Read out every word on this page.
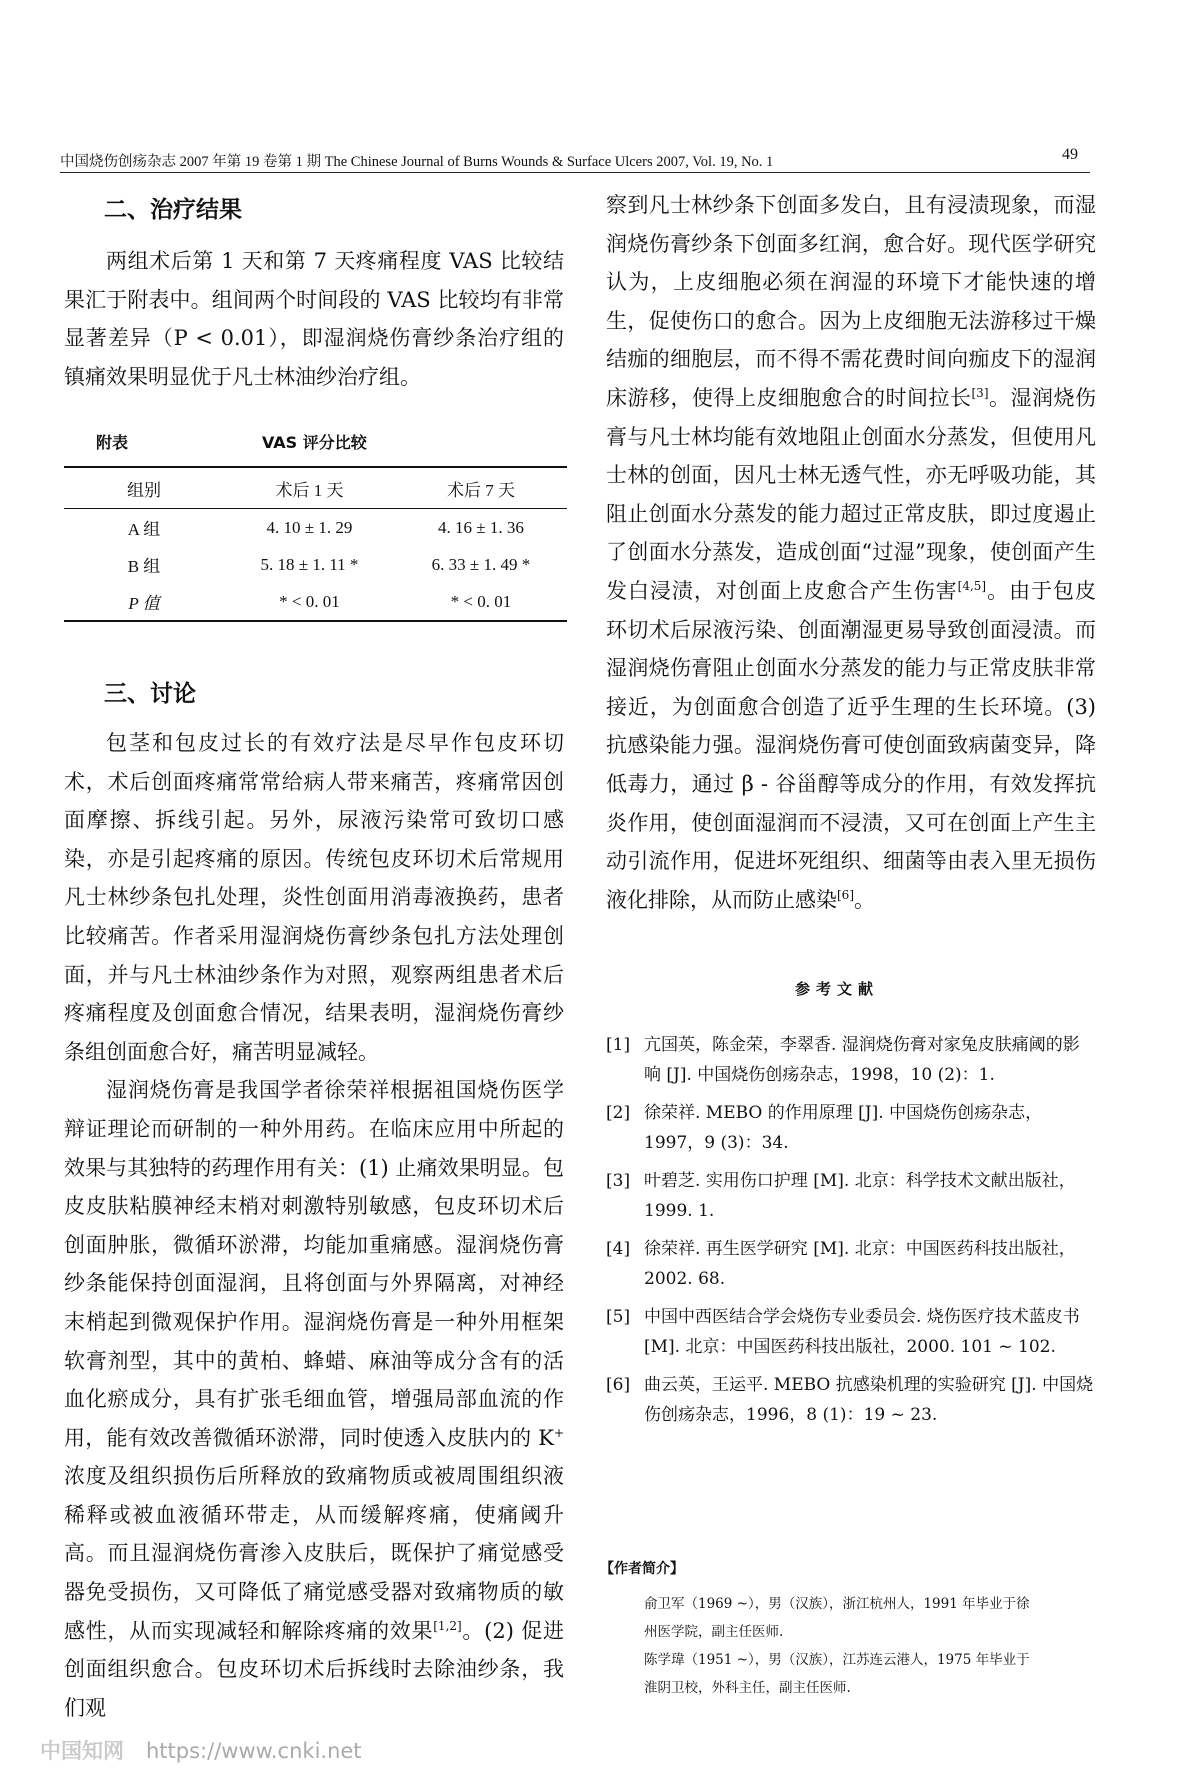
中国烧伤创疡杂志 2007 年第 19 卷第 1 期 The Chinese Journal of Burns Wounds & Surface Ulcers 2007, Vol. 19, No. 1	49
二、治疗结果

两组术后第 1 天和第 7 天疼痛程度 VAS 比较结果汇于附表中。组间两个时间段的 VAS 比较均有非常显著差异（P < 0.01），即湿润烧伤膏纱条治疗组的镇痛效果明显优于凡士林油纱治疗组。

附表	VAS 评分比较
组别	术后 1 天	术后 7 天
A 组	4. 10 ± 1. 29	4. 16 ± 1. 36
B 组	5. 18 ± 1. 11 *	6. 33 ± 1. 49 *
P 值	* < 0. 01	* < 0. 01
三、讨论

包茎和包皮过长的有效疗法是尽早作包皮环切术，术后创面疼痛常常给病人带来痛苦，疼痛常因创面摩擦、拆线引起。另外，尿液污染常可致切口感染，亦是引起疼痛的原因。传统包皮环切术后常规用凡士林纱条包扎处理，炎性创面用消毒液换药，患者比较痛苦。作者采用湿润烧伤膏纱条包扎方法处理创面，并与凡士林油纱条作为对照，观察两组患者术后疼痛程度及创面愈合情况，结果表明，湿润烧伤膏纱条组创面愈合好，痛苦明显减轻。

湿润烧伤膏是我国学者徐荣祥根据祖国烧伤医学辩证理论而研制的一种外用药。在临床应用中所起的效果与其独特的药理作用有关：(1) 止痛效果明显。包皮皮肤粘膜神经末梢对刺激特别敏感，包皮环切术后创面肿胀，微循环淤滞，均能加重痛感。湿润烧伤膏纱条能保持创面湿润，且将创面与外界隔离，对神经末梢起到微观保护作用。湿润烧伤膏是一种外用框架软膏剂型，其中的黄柏、蜂蜡、麻油等成分含有的活血化瘀成分，具有扩张毛细血管，增强局部血流的作用，能有效改善微循环淤滞，同时使透入皮肤内的 K+ 浓度及组织损伤后所释放的致痛物质或被周围组织液稀释或被血液循环带走，从而缓解疼痛，使痛阈升高。而且湿润烧伤膏渗入皮肤后，既保护了痛觉感受器免受损伤，又可降低了痛觉感受器对致痛物质的敏感性，从而实现减轻和解除疼痛的效果[1,2]。(2) 促进创面组织愈合。包皮环切术后拆线时去除油纱条，我们观

察到凡士林纱条下创面多发白，且有浸渍现象，而湿润烧伤膏纱条下创面多红润，愈合好。现代医学研究认为，上皮细胞必须在润湿的环境下才能快速的增生，促使伤口的愈合。因为上皮细胞无法游移过干燥结痂的细胞层，而不得不需花费时间向痂皮下的湿润床游移，使得上皮细胞愈合的时间拉长[3]。湿润烧伤膏与凡士林均能有效地阻止创面水分蒸发，但使用凡士林的创面，因凡士林无透气性，亦无呼吸功能，其阻止创面水分蒸发的能力超过正常皮肤，即过度遏止了创面水分蒸发，造成创面“过湿”现象，使创面产生发白浸渍，对创面上皮愈合产生伤害[4,5]。由于包皮环切术后尿液污染、创面潮湿更易导致创面浸渍。而湿润烧伤膏阻止创面水分蒸发的能力与正常皮肤非常接近，为创面愈合创造了近乎生理的生长环境。(3) 抗感染能力强。湿润烧伤膏可使创面致病菌变异，降低毒力，通过 β - 谷甾醇等成分的作用，有效发挥抗炎作用，使创面湿润而不浸渍，又可在创面上产生主动引流作用，促进坏死组织、细菌等由表入里无损伤液化排除，从而防止感染[6]。

参考文献
[1] 亢国英，陈金荣，李翠香. 湿润烧伤膏对家兔皮肤痛阈的影响 [J]. 中国烧伤创疡杂志，1998，10 (2)：1.
[2] 徐荣祥. MEBO 的作用原理 [J]. 中国烧伤创疡杂志，1997，9 (3)：34.
[3] 叶碧芝. 实用伤口护理 [M]. 北京：科学技术文献出版社，1999. 1.
[4] 徐荣祥. 再生医学研究 [M]. 北京：中国医药科技出版社，2002. 68.
[5] 中国中西医结合学会烧伤专业委员会. 烧伤医疗技术蓝皮书 [M]. 北京：中国医药科技出版社，2000. 101 ~ 102.
[6] 曲云英，王运平. MEBO 抗感染机理的实验研究 [J]. 中国烧伤创疡杂志，1996，8 (1)：19 ~ 23.
【作者简介】
俞卫军（1969 ~），男（汉族），浙江杭州人，1991 年毕业于徐
州医学院，副主任医师.
陈学瑋（1951 ~），男（汉族），江苏连云港人，1975 年毕业于
淮阴卫校，外科主任，副主任医师.
中国知网 https://www.cnki.net
